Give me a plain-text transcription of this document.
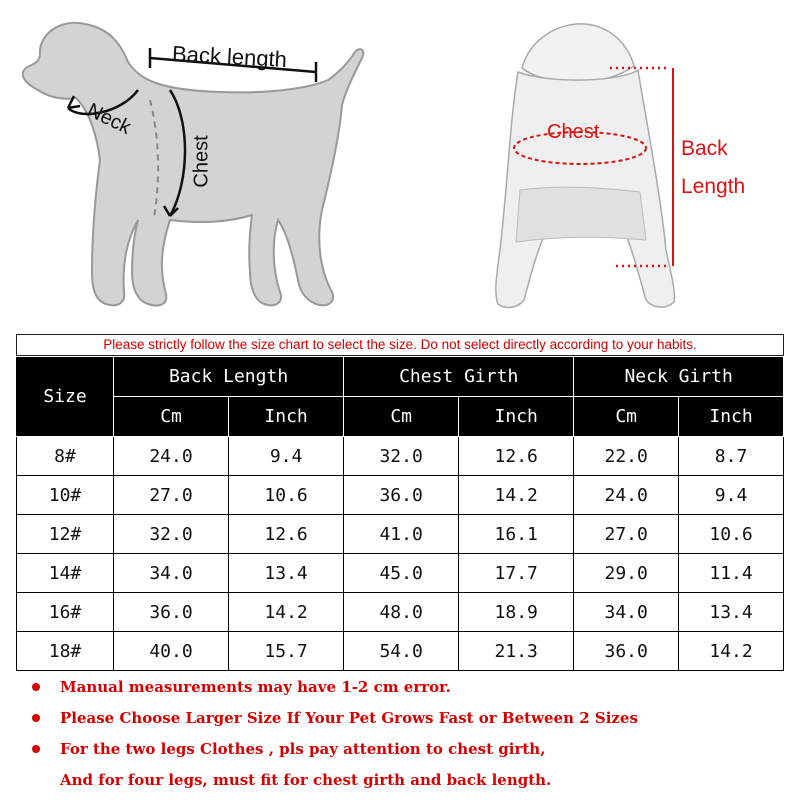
Back length
Neck
Chest
Chest
Back
Length
Please strictly follow the size chart to select the size. Do not select directly according to your habits.
Size	Back Length		Chest Girth		Neck Girth	
	Cm	Inch	Cm	Inch	Cm	Inch
8#	24.0	9.4	32.0	12.6	22.0	8.7
10#	27.0	10.6	36.0	14.2	24.0	9.4
12#	32.0	12.6	41.0	16.1	27.0	10.6
14#	34.0	13.4	45.0	17.7	29.0	11.4
16#	36.0	14.2	48.0	18.9	34.0	13.4
18#	40.0	15.7	54.0	21.3	36.0	14.2
Manual measurements may have 1-2 cm error.
Please Choose Larger Size If Your Pet Grows Fast or Between 2 Sizes
For the two legs Clothes , pls pay attention to chest girth,
And for four legs, must fit for chest girth and back length.
